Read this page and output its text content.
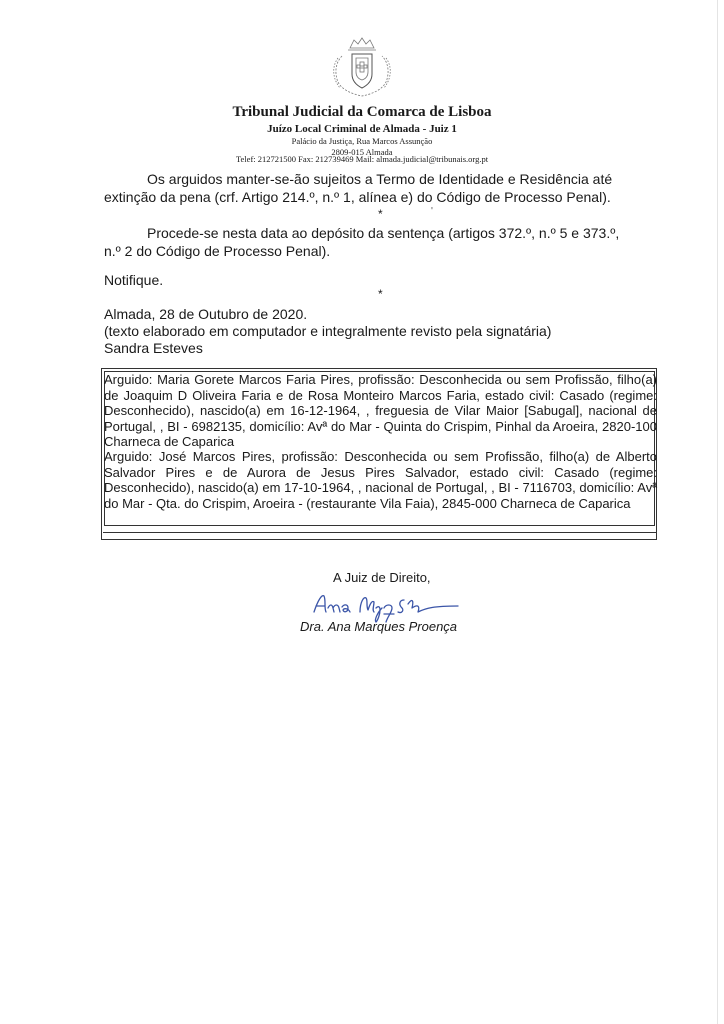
Tribunal Judicial da Comarca de Lisboa
Juízo Local Criminal de Almada - Juiz 1
Palácio da Justiça, Rua Marcos Assunção
2809-015 Almada
Telef: 212721500 Fax: 212739469 Mail: almada.judicial@tribunais.org.pt
Os arguidos manter-se-ão sujeitos a Termo de Identidade e Residência até
extinção da pena (crf. Artigo 214.º, n.º 1, alínea e) do Código de Processo Penal).
*	'
Procede-se nesta data ao depósito da sentença (artigos 372.º, n.º 5 e 373.º,
n.º 2 do Código de Processo Penal).
Notifique.
*
Almada, 28 de Outubro de 2020.
(texto elaborado em computador e integralmente revisto pela signatária)
Sandra Esteves
Arguido: Maria Gorete Marcos Faria Pires, profissão: Desconhecida ou sem Profissão, filho(a) de Joaquim D Oliveira Faria e de Rosa Monteiro Marcos Faria, estado civil: Casado (regime: Desconhecido), nascido(a) em 16-12-1964, , freguesia de Vilar Maior [Sabugal], nacional de Portugal, , BI - 6982135, domicílio: Avª do Mar - Quinta do Crispim, Pinhal da Aroeira, 2820-100 Charneca de Caparica
Arguido: José Marcos Pires, profissão: Desconhecida ou sem Profissão, filho(a) de Alberto Salvador Pires e de Aurora de Jesus Pires Salvador, estado civil: Casado (regime: Desconhecido), nascido(a) em 17-10-1964, , nacional de Portugal, , BI - 7116703, domicílio: Avª do Mar - Qta. do Crispim, Aroeira - (restaurante Vila Faia), 2845-000 Charneca de Caparica
A Juiz de Direito,
Dra. Ana Marques Proença
